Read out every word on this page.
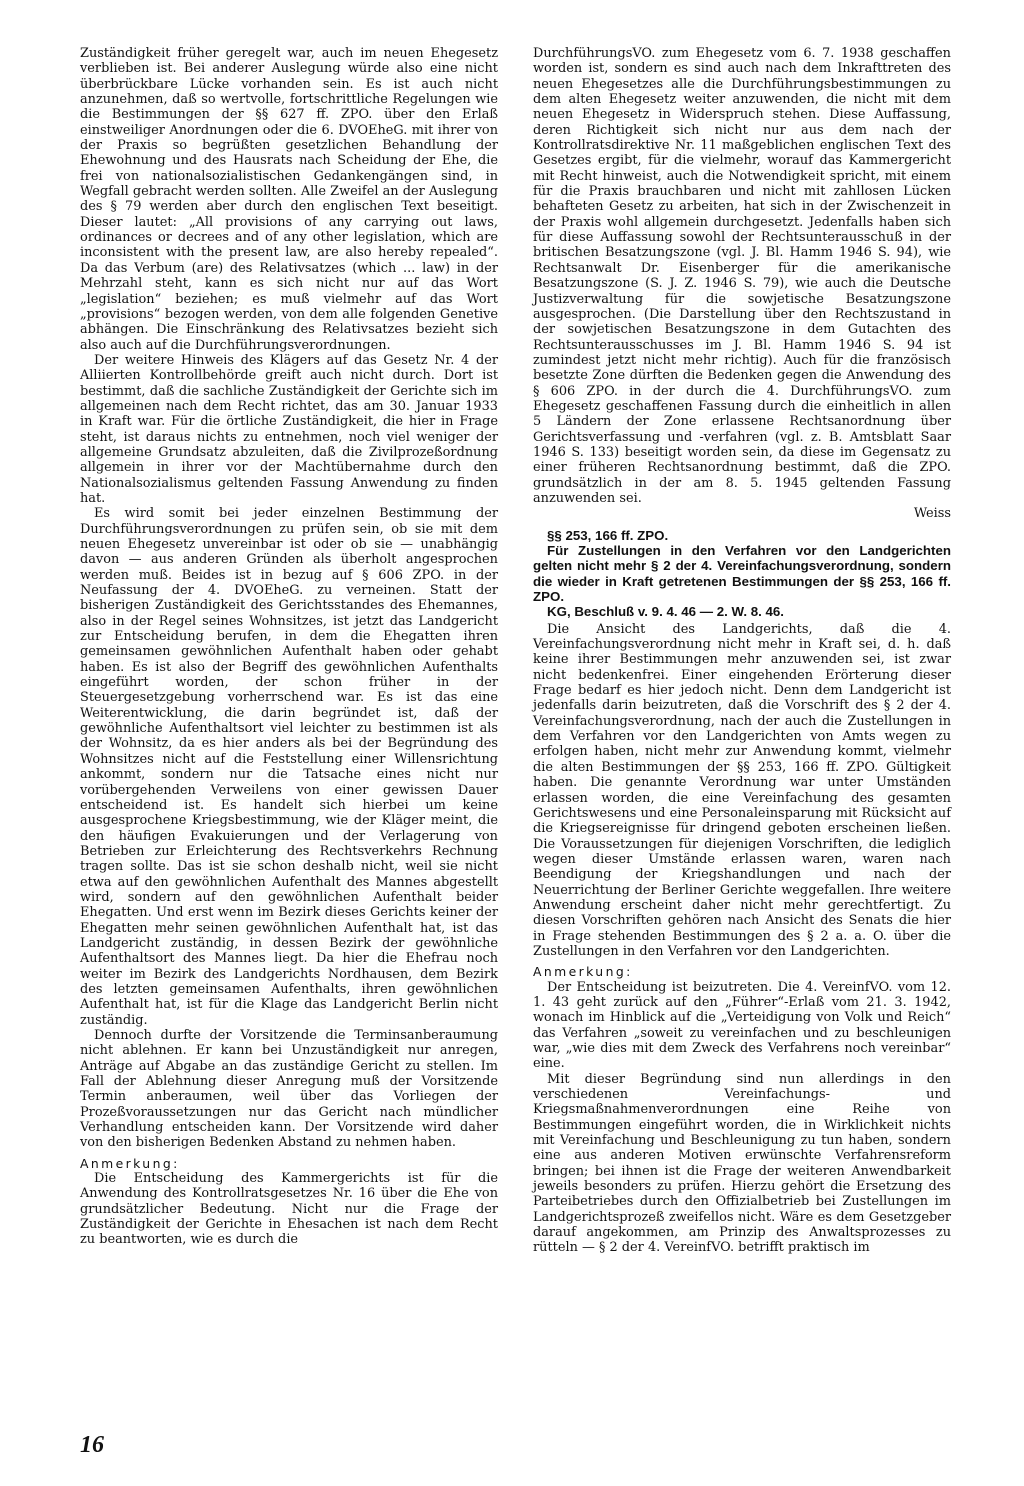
Zuständigkeit früher geregelt war, auch im neuen Ehegesetz verblieben ist. Bei anderer Auslegung würde also eine nicht überbrückbare Lücke vorhanden sein. Es ist auch nicht anzunehmen, daß so wertvolle, fortschrittliche Regelungen wie die Bestimmungen der §§ 627 ff. ZPO. über den Erlaß einstweiliger Anordnungen oder die 6. DVOEheG. mit ihrer von der Praxis so begrüßten gesetzlichen Behandlung der Ehewohnung und des Hausrats nach Scheidung der Ehe, die frei von nationalsozialistischen Gedankengängen sind, in Wegfall gebracht werden sollten. Alle Zweifel an der Auslegung des § 79 werden aber durch den englischen Text beseitigt. Dieser lautet: „All provisions of any carrying out laws, ordinances or decrees and of any other legislation, which are inconsistent with the present law, are also hereby repealed“. Da das Verbum (are) des Relativsatzes (which ... law) in der Mehrzahl steht, kann es sich nicht nur auf das Wort „legislation“ beziehen; es muß vielmehr auf das Wort „provisions“ bezogen werden, von dem alle folgenden Genetive abhängen. Die Einschränkung des Relativsatzes bezieht sich also auch auf die Durchführungsverordnungen.

Der weitere Hinweis des Klägers auf das Gesetz Nr. 4 der Alliierten Kontrollbehörde greift auch nicht durch. Dort ist bestimmt, daß die sachliche Zuständigkeit der Gerichte sich im allgemeinen nach dem Recht richtet, das am 30. Januar 1933 in Kraft war. Für die örtliche Zuständigkeit, die hier in Frage steht, ist daraus nichts zu entnehmen, noch viel weniger der allgemeine Grundsatz abzuleiten, daß die Zivilprozeßordnung allgemein in ihrer vor der Machtübernahme durch den Nationalsozialismus geltenden Fassung Anwendung zu finden hat.

Es wird somit bei jeder einzelnen Bestimmung der Durchführungsverordnungen zu prüfen sein, ob sie mit dem neuen Ehegesetz unvereinbar ist oder ob sie — unabhängig davon — aus anderen Gründen als überholt angesprochen werden muß. Beides ist in bezug auf § 606 ZPO. in der Neufassung der 4. DVOEheG. zu verneinen. Statt der bisherigen Zuständigkeit des Gerichtsstandes des Ehemannes, also in der Regel seines Wohnsitzes, ist jetzt das Landgericht zur Entscheidung berufen, in dem die Ehegatten ihren gemeinsamen gewöhnlichen Aufenthalt haben oder gehabt haben. Es ist also der Begriff des gewöhnlichen Aufenthalts eingeführt worden, der schon früher in der Steuergesetzgebung vorherrschend war. Es ist das eine Weiterentwicklung, die darin begründet ist, daß der gewöhnliche Aufenthaltsort viel leichter zu bestimmen ist als der Wohnsitz, da es hier anders als bei der Begründung des Wohnsitzes nicht auf die Feststellung einer Willensrichtung ankommt, sondern nur die Tatsache eines nicht nur vorübergehenden Verweilens von einer gewissen Dauer entscheidend ist. Es handelt sich hierbei um keine ausgesprochene Kriegsbestimmung, wie der Kläger meint, die den häufigen Evakuierungen und der Verlagerung von Betrieben zur Erleichterung des Rechtsverkehrs Rechnung tragen sollte. Das ist sie schon deshalb nicht, weil sie nicht etwa auf den gewöhnlichen Aufenthalt des Mannes abgestellt wird, sondern auf den gewöhnlichen Aufenthalt beider Ehegatten. Und erst wenn im Bezirk dieses Gerichts keiner der Ehegatten mehr seinen gewöhnlichen Aufenthalt hat, ist das Landgericht zuständig, in dessen Bezirk der gewöhnliche Aufenthaltsort des Mannes liegt. Da hier die Ehefrau noch weiter im Bezirk des Landgerichts Nordhausen, dem Bezirk des letzten gemeinsamen Aufenthalts, ihren gewöhnlichen Aufenthalt hat, ist für die Klage das Landgericht Berlin nicht zuständig.

Dennoch durfte der Vorsitzende die Terminsanberaumung nicht ablehnen. Er kann bei Unzuständigkeit nur anregen, Anträge auf Abgabe an das zuständige Gericht zu stellen. Im Fall der Ablehnung dieser Anregung muß der Vorsitzende Termin anberaumen, weil über das Vorliegen der Prozeßvoraussetzungen nur das Gericht nach mündlicher Verhandlung entscheiden kann. Der Vorsitzende wird daher von den bisherigen Bedenken Abstand zu nehmen haben.

Anmerkung:

Die Entscheidung des Kammergerichts ist für die Anwendung des Kontrollratsgesetzes Nr. 16 über die Ehe von grundsätzlicher Bedeutung. Nicht nur die Frage der Zuständigkeit der Gerichte in Ehesachen ist nach dem Recht zu beantworten, wie es durch die

DurchführungsVO. zum Ehegesetz vom 6. 7. 1938 geschaffen worden ist, sondern es sind auch nach dem Inkrafttreten des neuen Ehegesetzes alle die Durchführungsbestimmungen zu dem alten Ehegesetz weiter anzuwenden, die nicht mit dem neuen Ehegesetz in Widerspruch stehen. Diese Auffassung, deren Richtigkeit sich nicht nur aus dem nach der Kontrollratsdirektive Nr. 11 maßgeblichen englischen Text des Gesetzes ergibt, für die vielmehr, worauf das Kammergericht mit Recht hinweist, auch die Notwendigkeit spricht, mit einem für die Praxis brauchbaren und nicht mit zahllosen Lücken behafteten Gesetz zu arbeiten, hat sich in der Zwischenzeit in der Praxis wohl allgemein durchgesetzt. Jedenfalls haben sich für diese Auffassung sowohl der Rechtsunterausschuß in der britischen Besatzungszone (vgl. J. Bl. Hamm 1946 S. 94), wie Rechtsanwalt Dr. Eisenberger für die amerikanische Besatzungszone (S. J. Z. 1946 S. 79), wie auch die Deutsche Justizverwaltung für die sowjetische Besatzungszone ausgesprochen. (Die Darstellung über den Rechtszustand in der sowjetischen Besatzungszone in dem Gutachten des Rechtsunterausschusses im J. Bl. Hamm 1946 S. 94 ist zumindest jetzt nicht mehr richtig). Auch für die französisch besetzte Zone dürften die Bedenken gegen die Anwendung des § 606 ZPO. in der durch die 4. DurchführungsVO. zum Ehegesetz geschaffenen Fassung durch die einheitlich in allen 5 Ländern der Zone erlassene Rechtsanordnung über Gerichtsverfassung und -verfahren (vgl. z. B. Amtsblatt Saar 1946 S. 133) beseitigt worden sein, da diese im Gegensatz zu einer früheren Rechtsanordnung bestimmt, daß die ZPO. grundsätzlich in der am 8. 5. 1945 geltenden Fassung anzuwenden sei.

Weiss

§§ 253, 166 ff. ZPO.

Für Zustellungen in den Verfahren vor den Landgerichten gelten nicht mehr § 2 der 4. Vereinfachungsverordnung, sondern die wieder in Kraft getretenen Bestimmungen der §§ 253, 166 ff. ZPO.

KG, Beschluß v. 9. 4. 46 — 2. W. 8. 46.

Die Ansicht des Landgerichts, daß die 4. Vereinfachungsverordnung nicht mehr in Kraft sei, d. h. daß keine ihrer Bestimmungen mehr anzuwenden sei, ist zwar nicht bedenkenfrei. Einer eingehenden Erörterung dieser Frage bedarf es hier jedoch nicht. Denn dem Landgericht ist jedenfalls darin beizutreten, daß die Vorschrift des § 2 der 4. Vereinfachungsverordnung, nach der auch die Zustellungen in dem Verfahren vor den Landgerichten von Amts wegen zu erfolgen haben, nicht mehr zur Anwendung kommt, vielmehr die alten Bestimmungen der §§ 253, 166 ff. ZPO. Gültigkeit haben. Die genannte Verordnung war unter Umständen erlassen worden, die eine Vereinfachung des gesamten Gerichtswesens und eine Personaleinsparung mit Rücksicht auf die Kriegsereignisse für dringend geboten erscheinen ließen. Die Voraussetzungen für diejenigen Vorschriften, die lediglich wegen dieser Umstände erlassen waren, waren nach Beendigung der Kriegshandlungen und nach der Neuerrichtung der Berliner Gerichte weggefallen. Ihre weitere Anwendung erscheint daher nicht mehr gerechtfertigt. Zu diesen Vorschriften gehören nach Ansicht des Senats die hier in Frage stehenden Bestimmungen des § 2 a. a. O. über die Zustellungen in den Verfahren vor den Landgerichten.

Anmerkung:

Der Entscheidung ist beizutreten. Die 4. VereinfVO. vom 12. 1. 43 geht zurück auf den „Führer“-Erlaß vom 21. 3. 1942, wonach im Hinblick auf die „Verteidigung von Volk und Reich“ das Verfahren „soweit zu vereinfachen und zu beschleunigen war, „wie dies mit dem Zweck des Verfahrens noch vereinbar“ eine.

Mit dieser Begründung sind nun allerdings in den verschiedenen Vereinfachungs- und Kriegsmaßnahmenverordnungen eine Reihe von Bestimmungen eingeführt worden, die in Wirklichkeit nichts mit Vereinfachung und Beschleunigung zu tun haben, sondern eine aus anderen Motiven erwünschte Verfahrensreform bringen; bei ihnen ist die Frage der weiteren Anwendbarkeit jeweils besonders zu prüfen. Hierzu gehört die Ersetzung des Parteibetriebes durch den Offizialbetrieb bei Zustellungen im Landgerichtsprozeß zweifellos nicht. Wäre es dem Gesetzgeber darauf angekommen, am Prinzip des Anwaltsprozesses zu rütteln — § 2 der 4. VereinfVO. betrifft praktisch im

16
